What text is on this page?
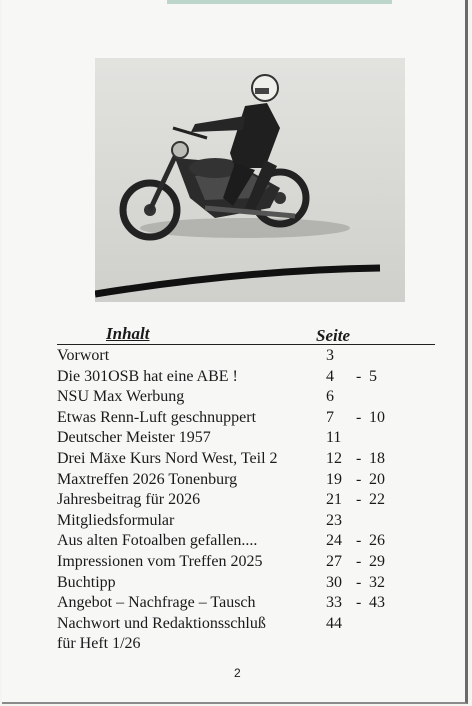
Inhalt	Seite
Vorwort	3
Die 301OSB hat eine ABE !	4 - 5
NSU Max Werbung	6
Etwas Renn-Luft geschnuppert	7 - 10
Deutscher Meister 1957	11
Drei Mäxe Kurs Nord West, Teil 2	12 - 18
Maxtreffen 2026 Tonenburg	19 - 20
Jahresbeitrag für 2026	21 - 22
Mitgliedsformular	23
Aus alten Fotoalben gefallen....	24 - 26
Impressionen vom Treffen 2025	27 - 29
Buchtipp	30 - 32
Angebot – Nachfrage – Tausch	33 - 43
Nachwort und Redaktionsschluß	44
für Heft 1/26
2
